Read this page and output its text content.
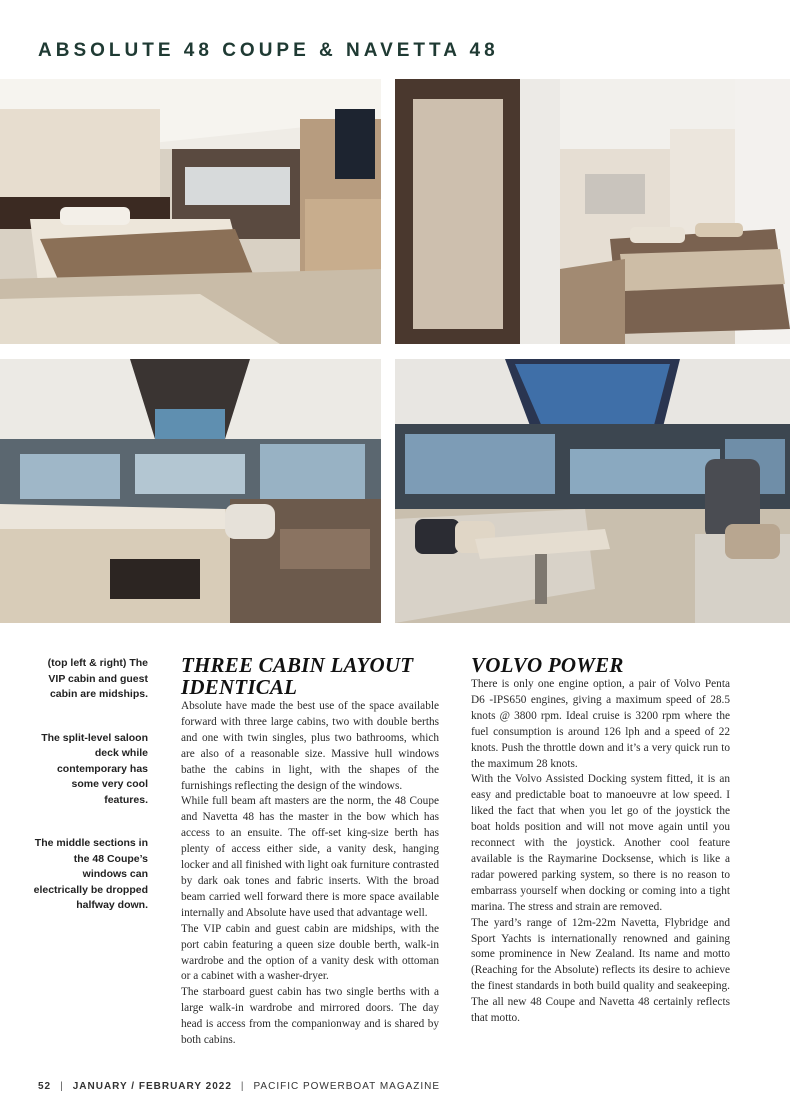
ABSOLUTE 48 COUPE & NAVETTA 48

(top left & right) The VIP cabin and guest cabin are midships.

The split-level saloon deck while contemporary has some very cool features.

The middle sections in the 48 Coupe’s windows can electrically be dropped halfway down.

THREE CABIN LAYOUT IDENTICAL

Absolute have made the best use of the space available forward with three large cabins, two with double berths and one with twin singles, plus two bathrooms, which are also of a reasonable size. Massive hull windows bathe the cabins in light, with the shapes of the furnishings reflecting the design of the windows.

While full beam aft masters are the norm, the 48 Coupe and Navetta 48 has the master in the bow which has access to an ensuite. The off-set king-size berth has plenty of access either side, a vanity desk, hanging locker and all finished with light oak furniture contrasted by dark oak tones and fabric inserts. With the broad beam carried well forward there is more space available internally and Absolute have used that advantage well.

The VIP cabin and guest cabin are midships, with the port cabin featuring a queen size double berth, walk-in wardrobe and the option of a vanity desk with ottoman or a cabinet with a washer-dryer.

The starboard guest cabin has two single berths with a large walk-in wardrobe and mirrored doors. The day head is access from the companionway and is shared by both cabins.

VOLVO POWER

There is only one engine option, a pair of Volvo Penta D6 -IPS650 engines, giving a maximum speed of 28.5 knots @ 3800 rpm. Ideal cruise is 3200 rpm where the fuel consumption is around 126 lph and a speed of 22 knots. Push the throttle down and it’s a very quick run to the maximum 28 knots.

With the Volvo Assisted Docking system fitted, it is an easy and predictable boat to manoeuvre at low speed. I liked the fact that when you let go of the joystick the boat holds position and will not move again until you reconnect with the joystick. Another cool feature available is the Raymarine Docksense, which is like a radar powered parking system, so there is no reason to embarrass yourself when docking or coming into a tight marina. The stress and strain are removed.

The yard’s range of 12m-22m Navetta, Flybridge and Sport Yachts is internationally renowned and gaining some prominence in New Zealand. Its name and motto (Reaching for the Absolute) reflects its desire to achieve the finest standards in both build quality and seakeeping. The all new 48 Coupe and Navetta 48 certainly reflects that motto.

52 | JANUARY / FEBRUARY 2022 | PACIFIC POWERBOAT MAGAZINE
